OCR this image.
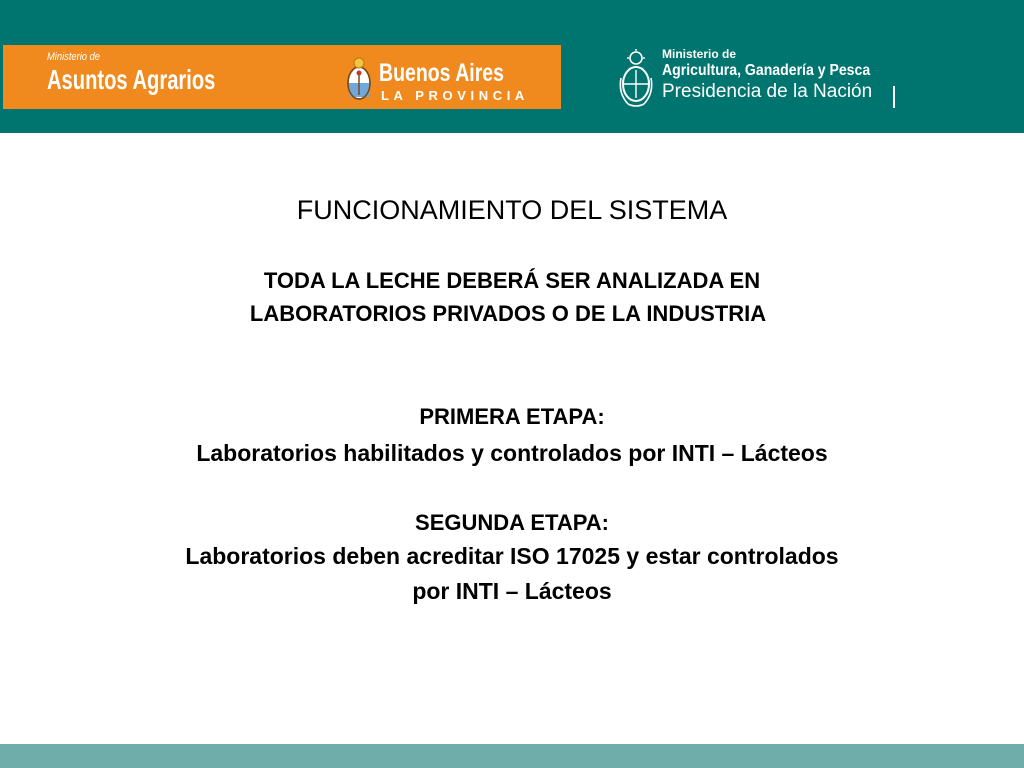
Ministerio de
Asuntos Agrarios	Buenos Aires
LA PROVINCIA
Ministerio de
Agricultura, Ganadería y Pesca
Presidencia de la Nación
FUNCIONAMIENTO DEL SISTEMA
TODA LA LECHE DEBERÁ SER ANALIZADA EN
LABORATORIOS PRIVADOS O DE LA INDUSTRIA
PRIMERA ETAPA:
Laboratorios habilitados y controlados por INTI – Lácteos
SEGUNDA ETAPA:
Laboratorios deben acreditar ISO 17025 y estar controlados
por INTI – Lácteos
